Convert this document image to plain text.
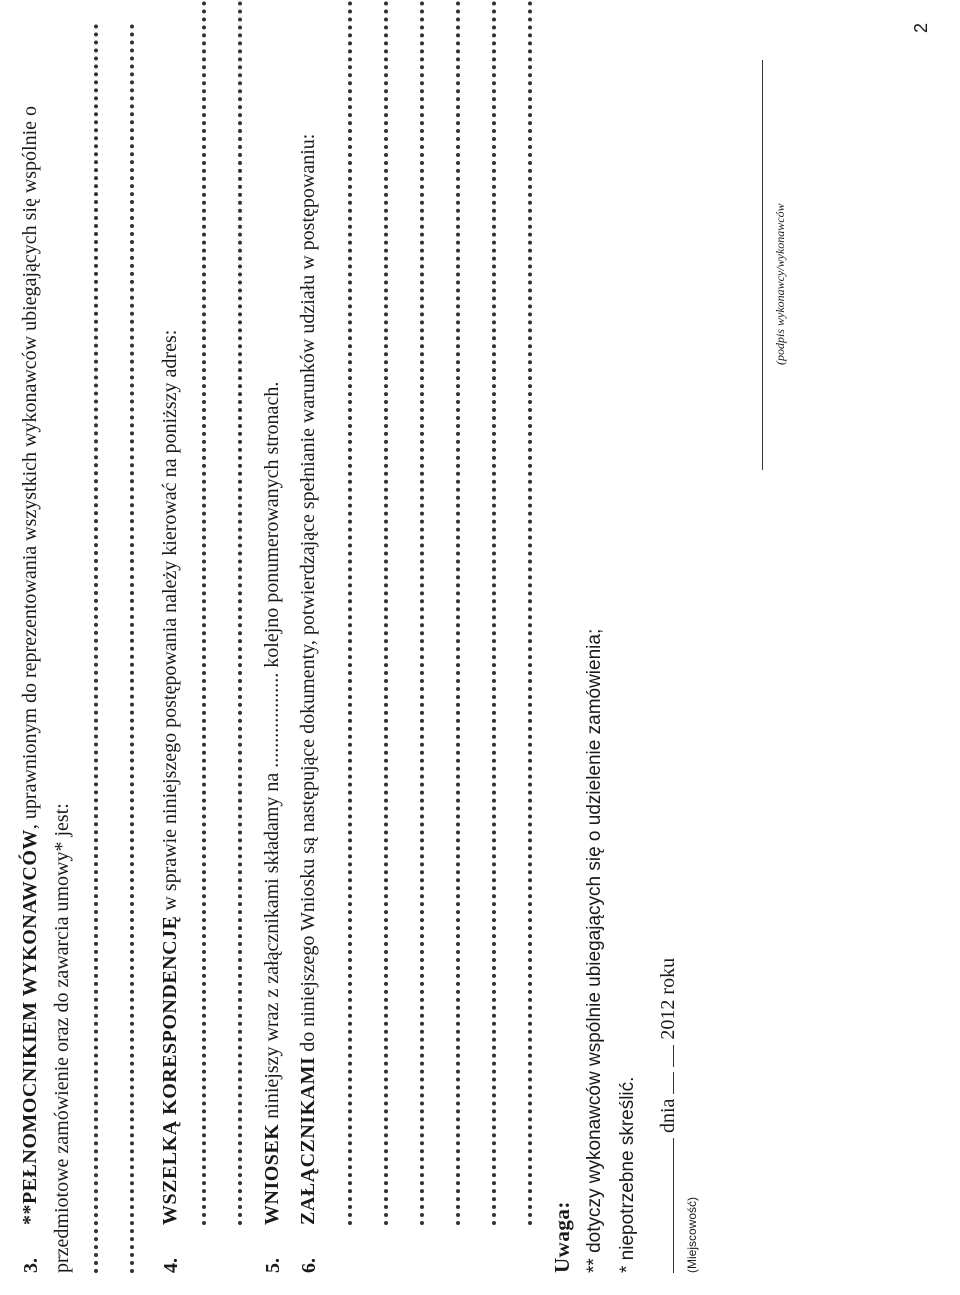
3.
**PEŁNOMOCNIKIEM WYKONAWCÓW, uprawnionym do reprezentowania wszystkich wykonawców ubiegających się wspólnie o
przedmiotowe zamówienie oraz do zawarcia umowy* jest:	4.
WSZELKĄ KORESPONDENCJĘ w sprawie niniejszego postępowania należy kierować na poniższy adres:
5.
WNIOSEK niniejszy wraz z załącznikami składamy na ................... kolejno ponumerowanych stronach.
6.
ZAŁĄCZNIKAMI do niniejszego Wniosku są następujące dokumenty, potwierdzające spełnianie warunków udziału w postępowaniu:
Uwaga: ** dotyczy wykonawców wspólnie ubiegających się o udzielenie zamówienia; * niepotrzebne skreślić. dnia   2012 roku
(Miejscowość)
(podpis wykonawcy/wykonawców
2
